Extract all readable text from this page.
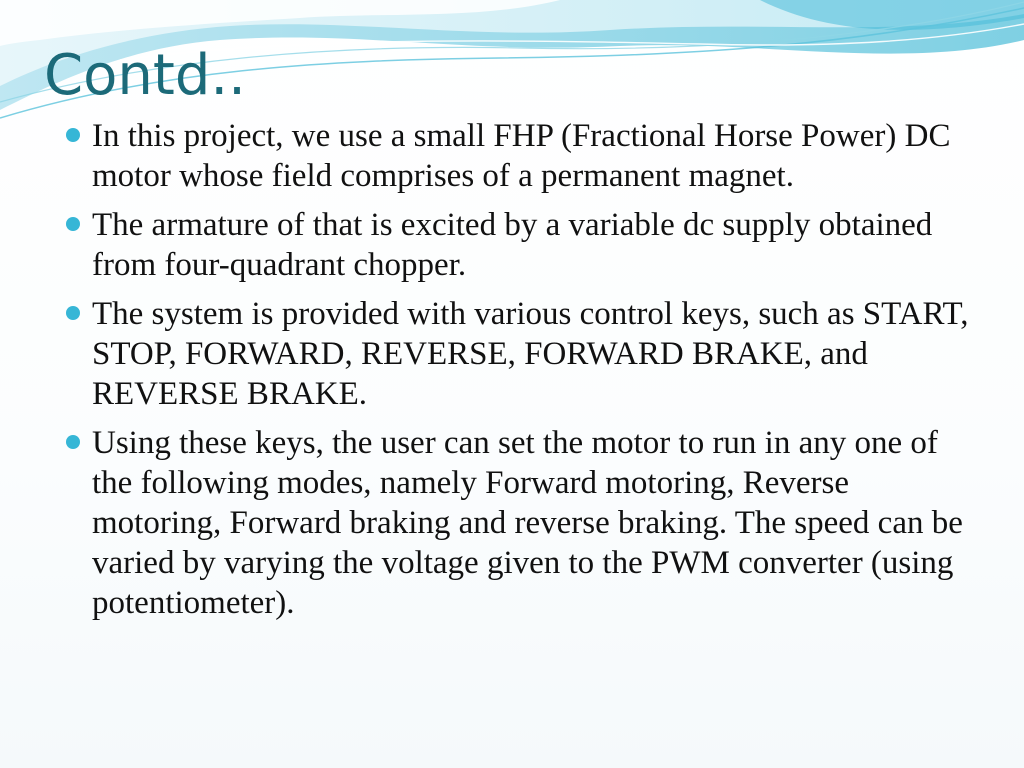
Contd..
In this project, we use a small FHP (Fractional Horse Power) DC motor whose field comprises of a permanent magnet.
The armature of that is excited by a variable dc supply obtained from four-quadrant chopper.
The system is provided with various control keys, such as START, STOP, FORWARD, REVERSE, FORWARD BRAKE, and REVERSE BRAKE.
Using these keys, the user can set the motor to run in any one of the following modes, namely Forward motoring, Reverse motoring, Forward braking and reverse braking. The speed can be varied by varying the voltage given to the PWM converter (using potentiometer).
